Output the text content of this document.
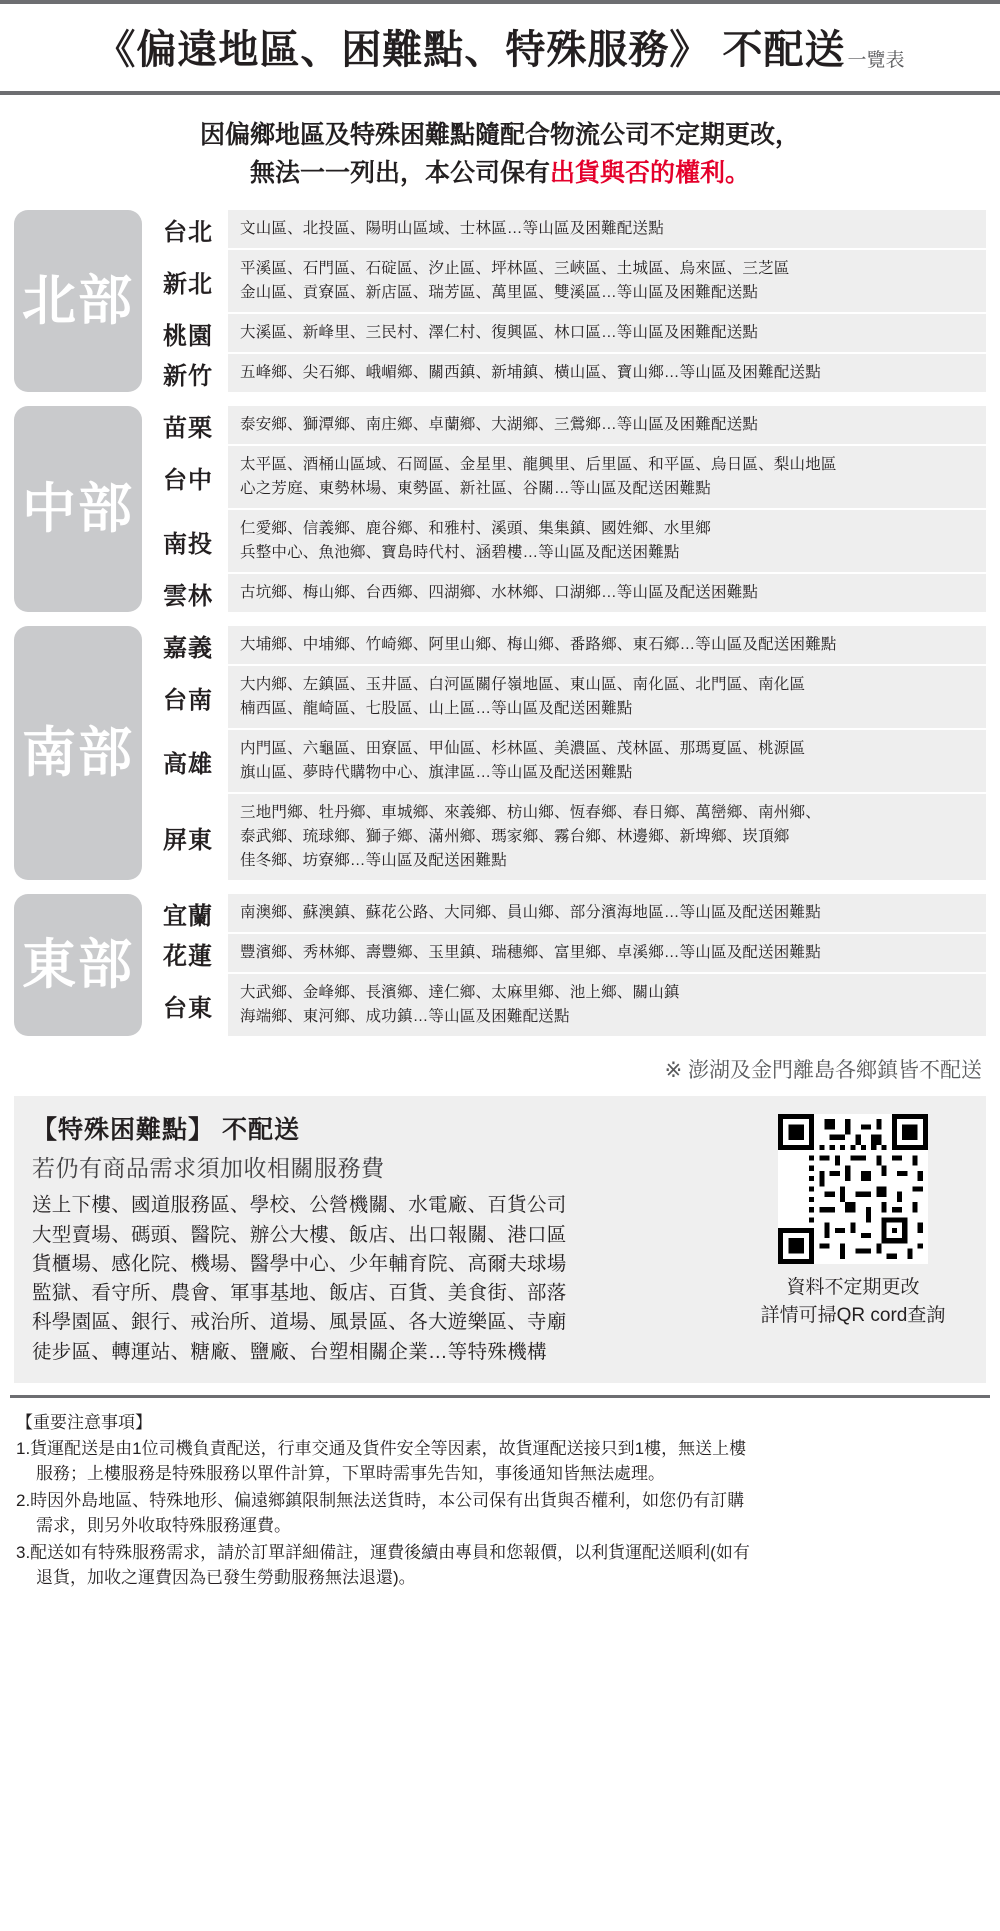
《偏遠地區、困難點、特殊服務》 不配送 一覽表
因偏鄉地區及特殊困難點隨配合物流公司不定期更改，
無法一一列出，本公司保有出貨與否的權利。
北部
台北	文山區、北投區、陽明山區域、士林區…等山區及困難配送點
新北
平溪區、石門區、石碇區、汐止區、坪林區、三峽區、土城區、烏來區、三芝區
金山區、貢寮區、新店區、瑞芳區、萬里區、雙溪區…等山區及困難配送點
桃園	大溪區、新峰里、三民村、澤仁村、復興區、林口區…等山區及困難配送點
新竹	五峰鄉、尖石鄉、峨嵋鄉、關西鎮、新埔鎮、橫山區、寶山鄉…等山區及困難配送點
中部
苗栗	泰安鄉、獅潭鄉、南庄鄉、卓蘭鄉、大湖鄉、三鶯鄉…等山區及困難配送點
台中
太平區、酒桶山區域、石岡區、金星里、龍興里、后里區、和平區、烏日區、梨山地區
心之芳庭、東勢林場、東勢區、新社區、谷關…等山區及配送困難點
南投
仁愛鄉、信義鄉、鹿谷鄉、和雅村、溪頭、集集鎮、國姓鄉、水里鄉
兵整中心、魚池鄉、寶島時代村、涵碧樓…等山區及配送困難點
雲林	古坑鄉、梅山鄉、台西鄉、四湖鄉、水林鄉、口湖鄉…等山區及配送困難點
南部
嘉義	大埔鄉、中埔鄉、竹崎鄉、阿里山鄉、梅山鄉、番路鄉、東石鄉…等山區及配送困難點
台南
大内鄉、左鎮區、玉井區、白河區關仔嶺地區、東山區、南化區、北門區、南化區
楠西區、龍崎區、七股區、山上區…等山區及配送困難點
高雄
内門區、六龜區、田寮區、甲仙區、杉林區、美濃區、茂林區、那瑪夏區、桃源區
旗山區、夢時代購物中心、旗津區…等山區及配送困難點
屏東
三地門鄉、牡丹鄉、車城鄉、來義鄉、枋山鄉、恆春鄉、春日鄉、萬巒鄉、南州鄉、
泰武鄉、琉球鄉、獅子鄉、滿州鄉、瑪家鄉、霧台鄉、林邊鄉、新埤鄉、崁頂鄉
佳冬鄉、坊寮鄉…等山區及配送困難點
東部
宜蘭	南澳鄉、蘇澳鎮、蘇花公路、大同鄉、員山鄉、部分濱海地區…等山區及配送困難點
花蓮	豐濱鄉、秀林鄉、壽豐鄉、玉里鎮、瑞穗鄉、富里鄉、卓溪鄉…等山區及配送困難點
台東
大武鄉、金峰鄉、長濱鄉、達仁鄉、太麻里鄉、池上鄉、關山鎮
海端鄉、東河鄉、成功鎮…等山區及困難配送點
※ 澎湖及金門離島各鄉鎮皆不配送
【特殊困難點】 不配送
若仍有商品需求須加收相關服務費
送上下樓、國道服務區、學校、公營機關、水電廠、百貨公司
大型賣場、碼頭、醫院、辦公大樓、飯店、出口報關、港口區
貨櫃場、感化院、機場、醫學中心、少年輔育院、高爾夫球場
監獄、看守所、農會、軍事基地、飯店、百貨、美食街、部落
科學園區、銀行、戒治所、道場、風景區、各大遊樂區、寺廟
徒步區、轉運站、糖廠、鹽廠、台塑相關企業…等特殊機構
資料不定期更改
詳情可掃QR cord查詢
【重要注意事項】
1.貨運配送是由1位司機負責配送，行車交通及貨件安全等因素，故貨運配送接只到1樓，無送上樓
服務；上樓服務是特殊服務以單件計算，下單時需事先告知，事後通知皆無法處理。
2.時因外島地區、特殊地形、偏遠鄉鎮限制無法送貨時，本公司保有出貨與否權利，如您仍有訂購
需求，則另外收取特殊服務運費。
3.配送如有特殊服務需求，請於訂單詳細備註，運費後續由專員和您報價，以利貨運配送順利(如有
退貨，加收之運費因為已發生勞動服務無法退還)。
